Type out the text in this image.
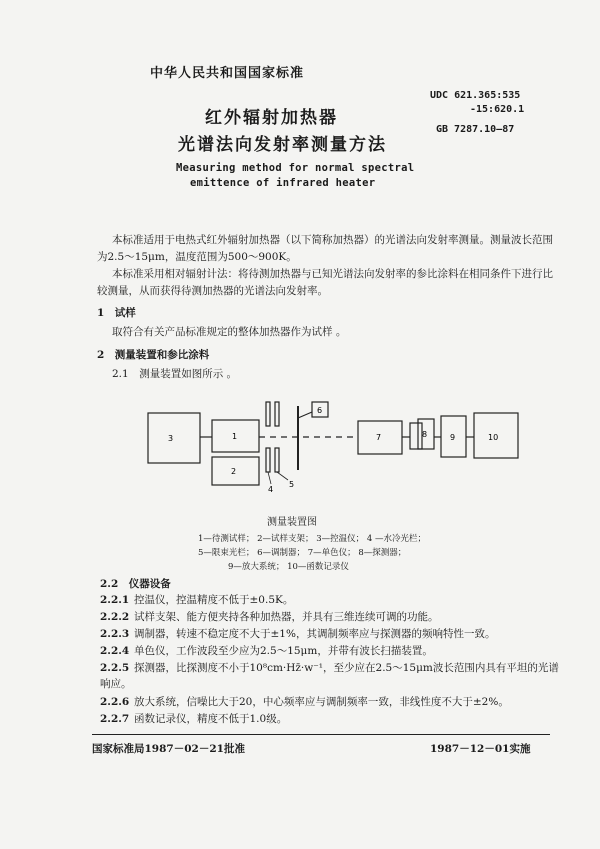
中华人民共和国国家标准
红外辐射加热器
光谱法向发射率测量方法
Measuring method for normal spectral
emittence of infrared heater
UDC 621.365:535
-15:620.1
GB 7287.10—87
本标准适用于电热式红外辐射加热器（以下简称加热器）的光谱法向发射率测量。测量波长范围
为2.5～15μm，温度范围为500～900K。
本标准采用相对辐射计法：将待测加热器与已知光谱法向发射率的参比涂料在相同条件下进行比
较测量，从而获得待测加热器的光谱法向发射率。
1　试样
取符合有关产品标准规定的整体加热器作为试样 。
2　测量装置和参比涂料
2.1　测量装置如图所示 。
3	1
2
4
5
6
7	8	9	10
测量装置图
1—待测试样； 2—试样支架； 3—控温仪； 4 —水冷光栏；
5—限束光栏； 6—调制器； 7—单色仪； 8—探测器；
9—放大系统； 10—函数记录仪
2.2　仪器设备
2.2.1 控温仪，控温精度不低于±0.5K。
2.2.2 试样支架、能方便夹持各种加热器，并具有三维连续可调的功能。
2.2.3 调制器，转速不稳定度不大于±1%，其调制频率应与探测器的频响特性一致。
2.2.4 单色仪，工作波段至少应为2.5～15μm，并带有波长扫描装置。
2.2.5 探测器，比探测度不小于10⁸cm·Hz̄·w⁻¹，至少应在2.5～15μm波长范围内具有平坦的光谱
响应。
2.2.6 放大系统，信噪比大于20，中心频率应与调制频率一致，非线性度不大于±2%。
2.2.7 函数记录仪，精度不低于1.0级。
国家标准局1987－02－21批准	1987－12－01实施
